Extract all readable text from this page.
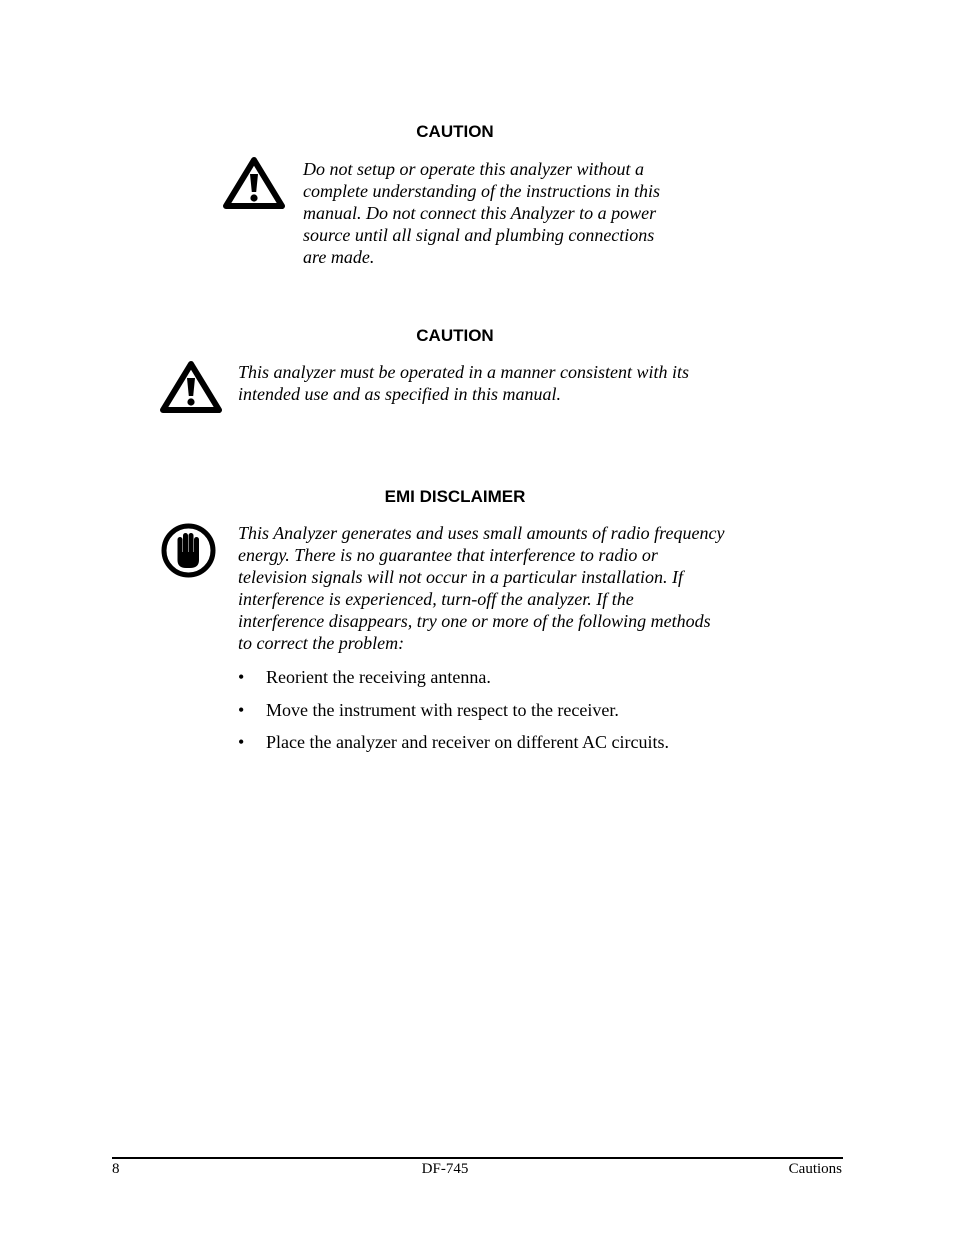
CAUTION
Do not setup or operate this analyzer without a
complete understanding of the instructions in this
manual. Do not connect this Analyzer to a power
source until all signal and plumbing connections
are made.
CAUTION
This analyzer must be operated in a manner consistent with its
intended use and as specified in this manual.
EMI DISCLAIMER
This Analyzer generates and uses small amounts of radio frequency
energy. There is no guarantee that interference to radio or
television signals will not occur in a particular installation. If
interference is experienced, turn-off the analyzer. If the
interference disappears, try one or more of the following methods
to correct the problem:
• Reorient the receiving antenna.
• Move the instrument with respect to the receiver.
• Place the analyzer and receiver on different AC circuits.
8	DF-745	Cautions
